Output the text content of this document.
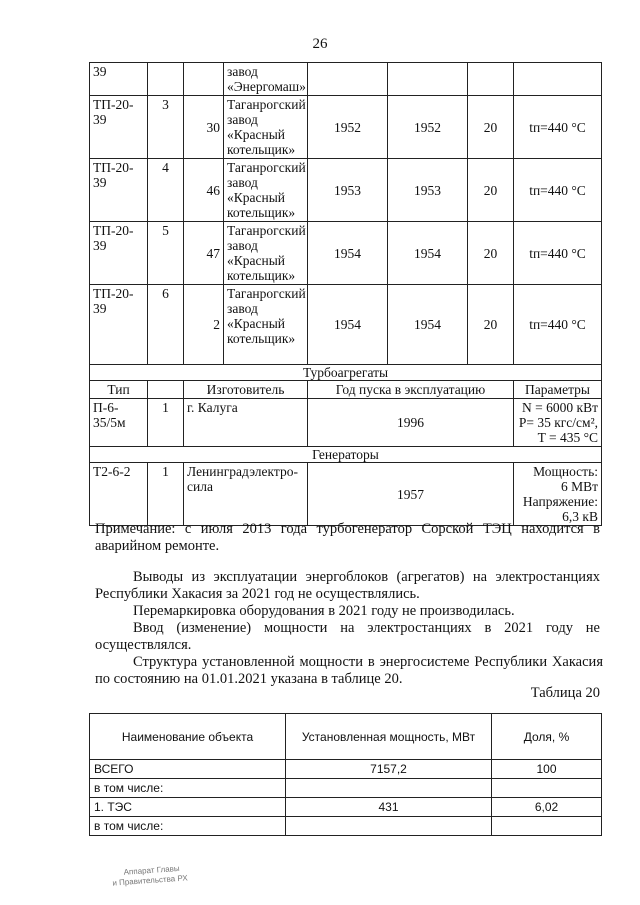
26
39			завод «Энергомаш»				
ТП-20-39	3	30	Таганрогский завод «Красный котельщик»	1952	1952	20	tп=440 °C
ТП-20-39	4	46	Таганрогский завод «Красный котельщик»	1953	1953	20	tп=440 °C
ТП-20-39	5	47	Таганрогский завод «Красный котельщик»	1954	1954	20	tп=440 °C
ТП-20-39	6	2	Таганрогский завод «Красный котельщик»	1954	1954	20	tп=440 °C
Турбоагрегаты							
Тип		Изготовитель		Год пуска в эксплуатацию			Параметры
П-6-35/5м	1	г. Калуга		1996			N = 6000 кВт
P= 35 кгс/см²,
T = 435 °C

Генераторы							
Т2-6-2	1	Ленинградэлектро-сила		1957			Мощность:
6 МВт
Напряжение:
6,3 кВ

Примечание: с июля 2013 года турбогенератор Сорской ТЭЦ находится в аварийном ремонте.

Выводы из эксплуатации энергоблоков (агрегатов) на электростанциях Республики Хакасия за 2021 год не осуществлялись.

Перемаркировка оборудования в 2021 году не производилась.

Ввод (изменение) мощности на электростанциях в 2021 году не осуществлялся.

Структура установленной мощности в энергосистеме Республики Хакасия по состоянию на 01.01.2021 указана в таблице 20.

Таблица 20
Наименование объекта	Установленная мощность, МВт	Доля, %
ВСЕГО	7157,2	100
в том числе:		
1. ТЭС	431	6,02
в том числе:		
Аппарат Главы
и Правительства РХ
